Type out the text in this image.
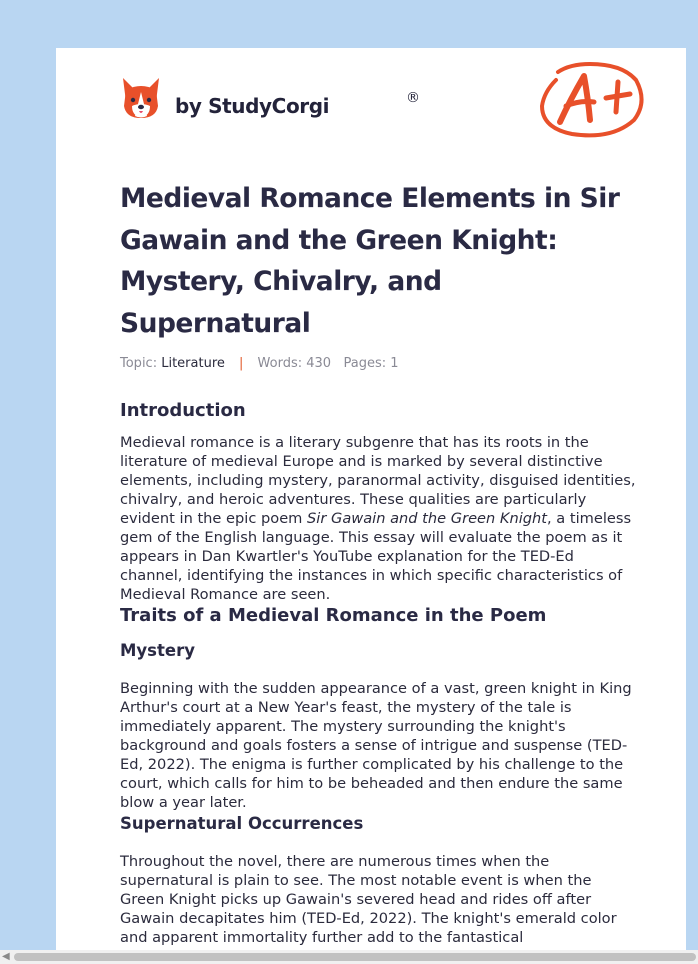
by StudyCorgi	®
A+
Medieval Romance Elements in Sir Gawain and the Green Knight: Mystery, Chivalry, and Supernatural
Topic: Literature | Words: 430 Pages: 1
Introduction

Medieval romance is a literary subgenre that has its roots in the literature of medieval Europe and is marked by several distinctive elements, including mystery, paranormal activity, disguised identities, chivalry, and heroic adventures. These qualities are particularly evident in the epic poem Sir Gawain and the Green Knight, a timeless gem of the English language. This essay will evaluate the poem as it appears in Dan Kwartler's YouTube explanation for the TED-Ed channel, identifying the instances in which specific characteristics of Medieval Romance are seen.

Traits of a Medieval Romance in the Poem
Mystery

Beginning with the sudden appearance of a vast, green knight in King Arthur's court at a New Year's feast, the mystery of the tale is immediately apparent. The mystery surrounding the knight's background and goals fosters a sense of intrigue and suspense (TED-Ed, 2022). The enigma is further complicated by his challenge to the court, which calls for him to be beheaded and then endure the same blow a year later.

Supernatural Occurrences

Throughout the novel, there are numerous times when the supernatural is plain to see. The most notable event is when the Green Knight picks up Gawain's severed head and rides off after Gawain decapitates him (TED-Ed, 2022). The knight's emerald color and apparent immortality further add to the fantastical

◀
